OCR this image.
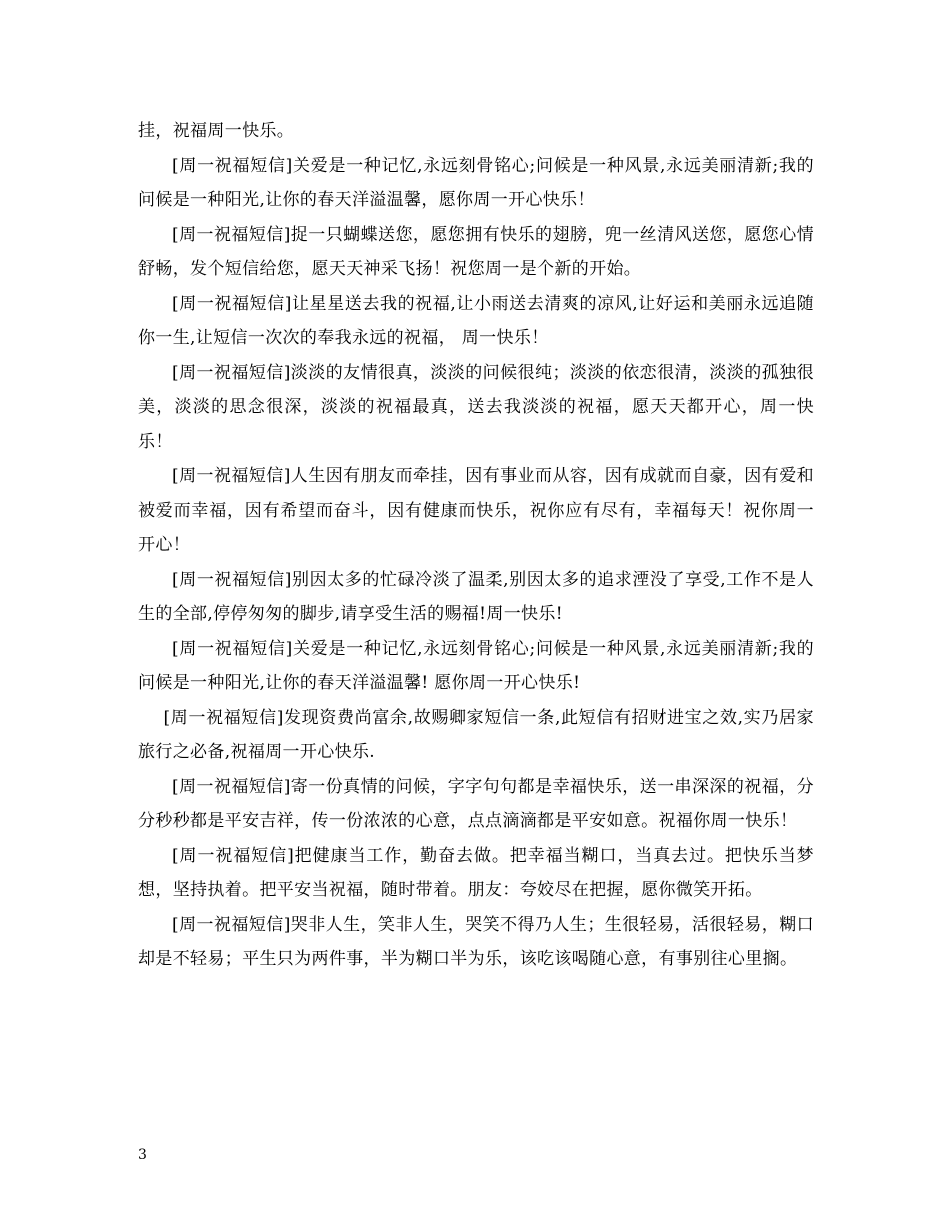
挂，祝福周一快乐。

[周一祝福短信]关爱是一种记忆,永远刻骨铭心;问候是一种风景,永远美丽清新;我的问候是一种阳光,让你的春天洋溢温馨，愿你周一开心快乐！

[周一祝福短信]捉一只蝴蝶送您，愿您拥有快乐的翅膀，兜一丝清风送您，愿您心情舒畅，发个短信给您，愿天天神采飞扬！祝您周一是个新的开始。

[周一祝福短信]让星星送去我的祝福,让小雨送去清爽的凉风,让好运和美丽永远追随你一生,让短信一次次的奉我永远的祝福， 周一快乐！

[周一祝福短信]淡淡的友情很真，淡淡的问候很纯；淡淡的依恋很清，淡淡的孤独很美，淡淡的思念很深，淡淡的祝福最真，送去我淡淡的祝福，愿天天都开心，周一快乐！

[周一祝福短信]人生因有朋友而牵挂，因有事业而从容，因有成就而自豪，因有爱和被爱而幸福，因有希望而奋斗，因有健康而快乐，祝你应有尽有，幸福每天！祝你周一开心！

[周一祝福短信]别因太多的忙碌冷淡了温柔,别因太多的追求湮没了享受,工作不是人生的全部,停停匆匆的脚步,请享受生活的赐福!周一快乐!

[周一祝福短信]关爱是一种记忆,永远刻骨铭心;问候是一种风景,永远美丽清新;我的问候是一种阳光,让你的春天洋溢温馨! 愿你周一开心快乐!

[周一祝福短信]发现资费尚富余,故赐卿家短信一条,此短信有招财进宝之效,实乃居家旅行之必备,祝福周一开心快乐.

[周一祝福短信]寄一份真情的问候，字字句句都是幸福快乐，送一串深深的祝福，分分秒秒都是平安吉祥，传一份浓浓的心意，点点滴滴都是平安如意。祝福你周一快乐！

[周一祝福短信]把健康当工作，勤奋去做。把幸福当糊口，当真去过。把快乐当梦想，坚持执着。把平安当祝福，随时带着。朋友：夸姣尽在把握，愿你微笑开拓。

[周一祝福短信]哭非人生，笑非人生，哭笑不得乃人生；生很轻易，活很轻易，糊口却是不轻易；平生只为两件事，半为糊口半为乐，该吃该喝随心意，有事别往心里搁。

3
